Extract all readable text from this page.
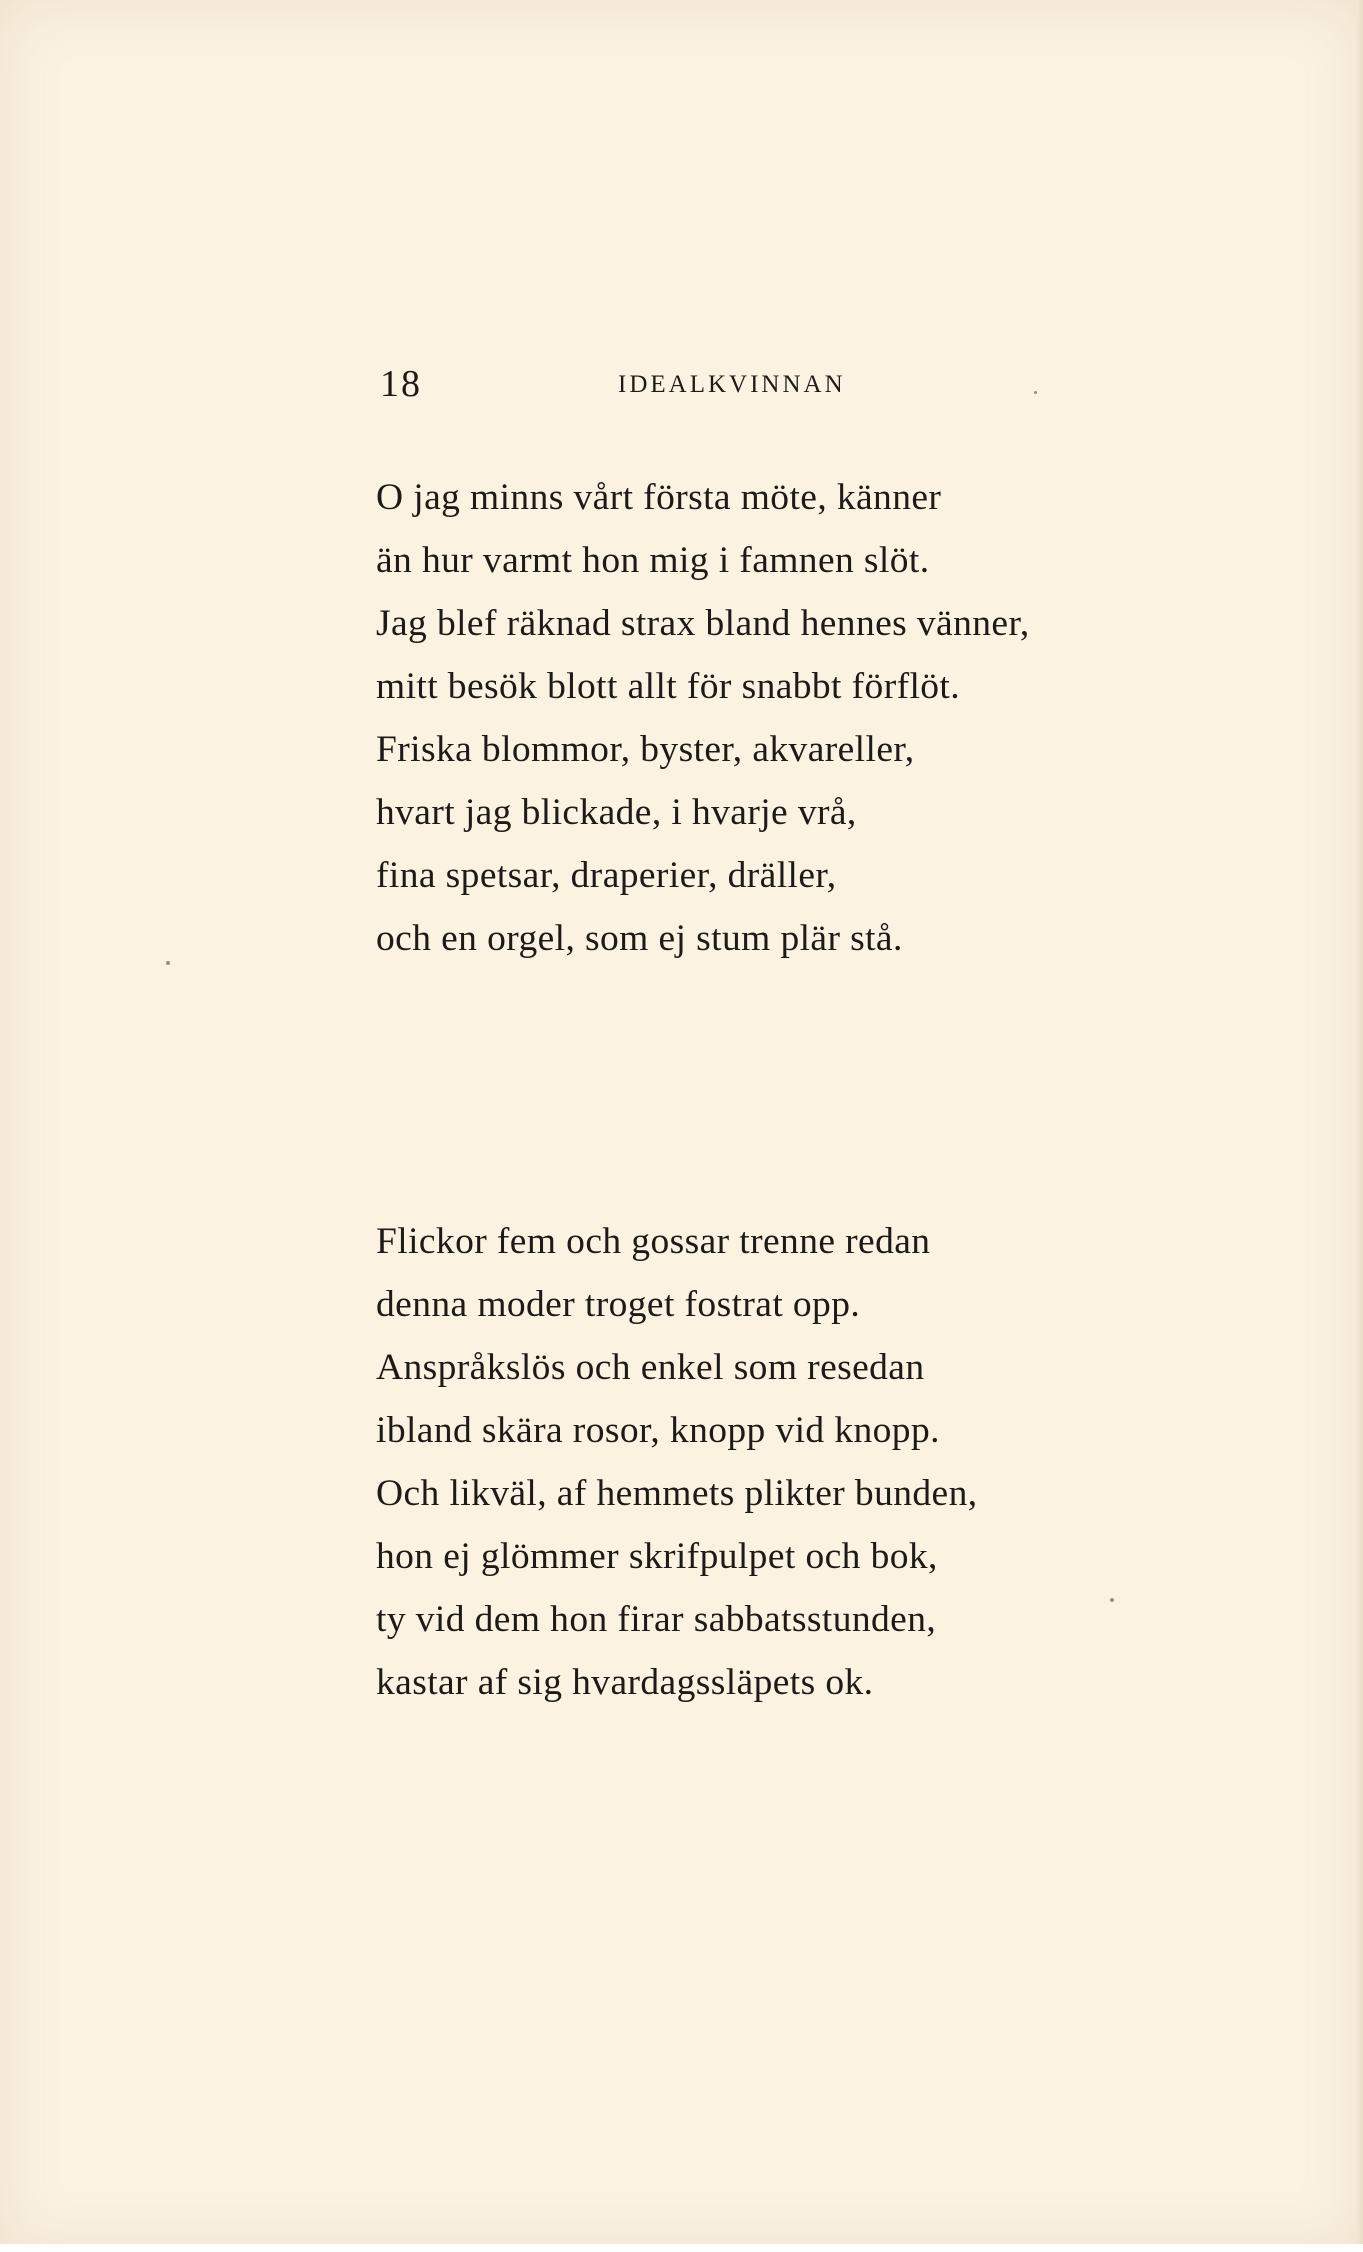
18	IDEALKVINNAN
O jag minns vårt första möte, känner
än hur varmt hon mig i famnen slöt.
Jag blef räknad strax bland hennes vänner,
mitt besök blott allt för snabbt förflöt.
Friska blommor, byster, akvareller,
hvart jag blickade, i hvarje vrå,
fina spetsar, draperier, dräller,
och en orgel, som ej stum plär stå.
Flickor fem och gossar trenne redan
denna moder troget fostrat opp.
Anspråkslös och enkel som resedan
ibland skära rosor, knopp vid knopp.
Och likväl, af hemmets plikter bunden,
hon ej glömmer skrifpulpet och bok,
ty vid dem hon firar sabbatsstunden,
kastar af sig hvardagssläpets ok.
